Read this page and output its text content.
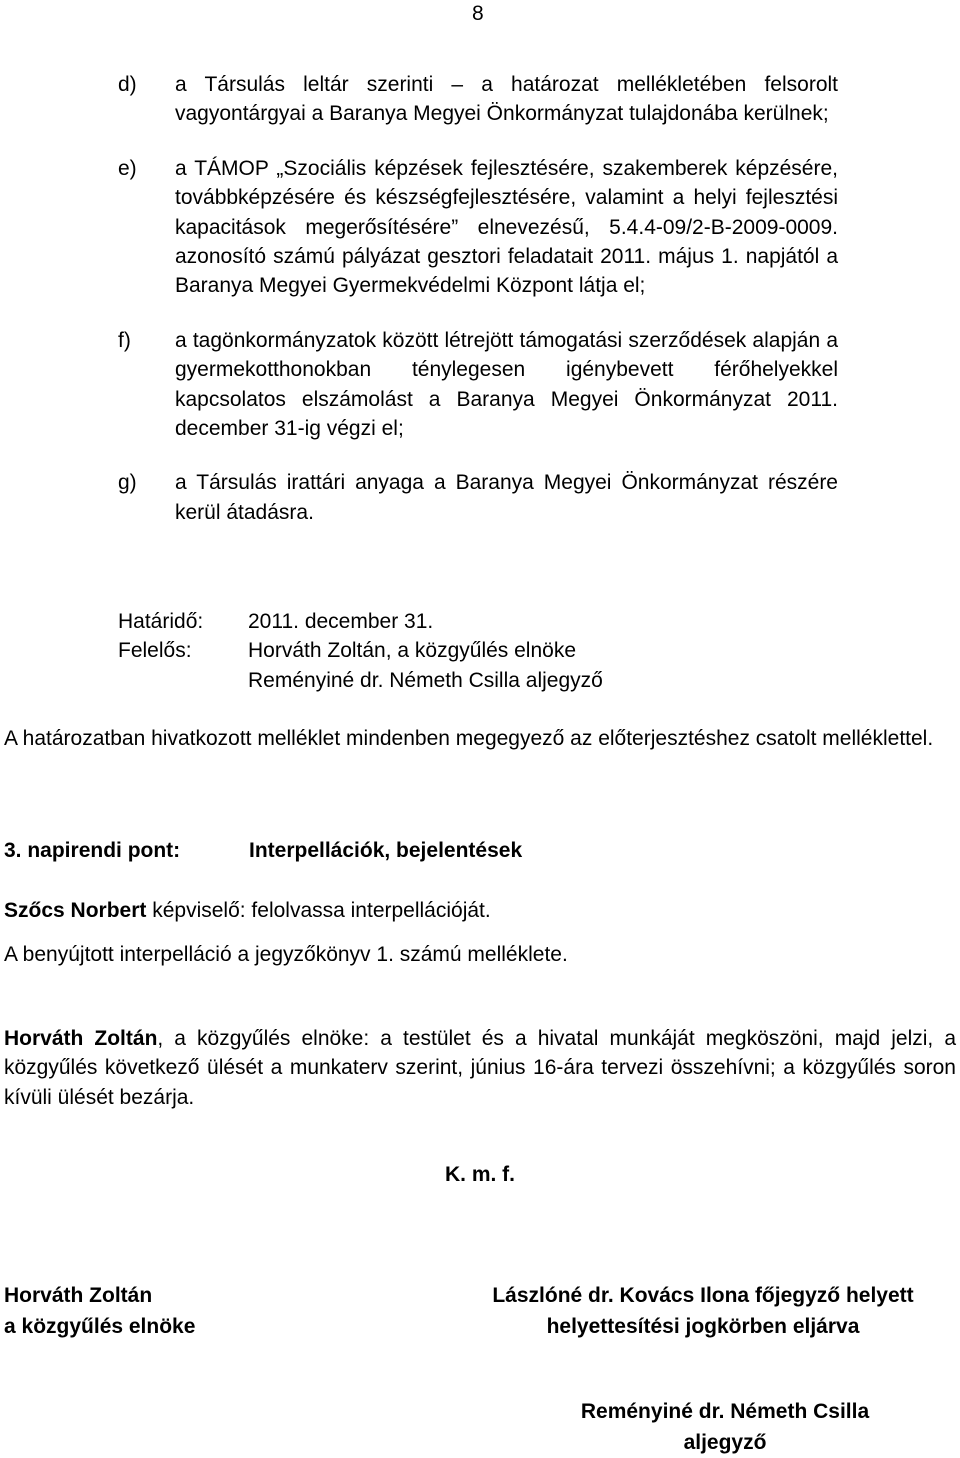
8
d)	a Társulás leltár szerinti – a határozat mellékletében felsorolt vagyontárgyai a Baranya Megyei Önkormányzat tulajdonába kerülnek;
e)	a TÁMOP „Szociális képzések fejlesztésére, szakemberek képzésére, továbbképzésére és készségfejlesztésére, valamint a helyi fejlesztési kapacitások megerősítésére” elnevezésű, 5.4.4-09/2-B-2009-0009. azonosító számú pályázat gesztori feladatait 2011. május 1. napjától a Baranya Megyei Gyermekvédelmi Központ látja el;
f)	a tagönkormányzatok között létrejött támogatási szerződések alapján a gyermekotthonokban ténylegesen igénybevett férőhelyekkel kapcsolatos elszámolást a Baranya Megyei Önkormányzat 2011. december 31-ig végzi el;
g)	a Társulás irattári anyaga a Baranya Megyei Önkormányzat részére kerül átadásra.
Határidő:	2011. december 31.
Felelős:	Horváth Zoltán, a közgyűlés elnöke
Reményiné dr. Németh Csilla aljegyző
A határozatban hivatkozott melléklet mindenben megegyező az előterjesztéshez csatolt melléklettel.
3. napirendi pont:	Interpellációk, bejelentések
Szőcs Norbert képviselő: felolvassa interpellációját.
A benyújtott interpelláció a jegyzőkönyv 1. számú melléklete.
Horváth Zoltán, a közgyűlés elnöke: a testület és a hivatal munkáját megköszöni, majd jelzi, a közgyűlés következő ülését a munkaterv szerint, június 16-ára tervezi összehívni; a közgyűlés soron kívüli ülését bezárja.
K. m. f.
Horváth Zoltán
a közgyűlés elnöke
Lászlóné dr. Kovács Ilona főjegyző helyett
helyettesítési jogkörben eljárva
Reményiné dr. Németh Csilla
aljegyző
